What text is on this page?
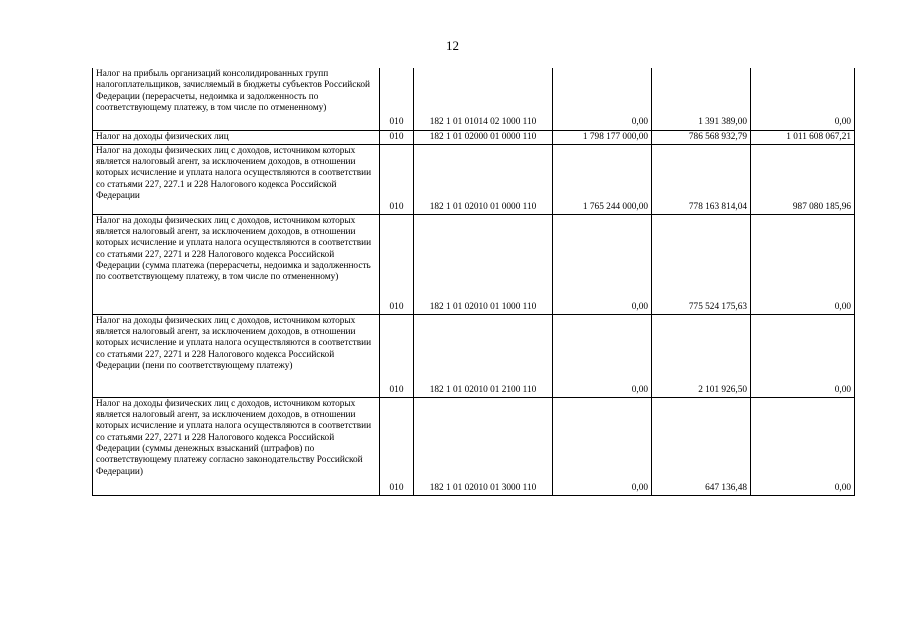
12
Налог на прибыль организаций консолидированных групп налогоплательщиков, зачисляемый в бюджеты субъектов Российской Федерации (перерасчеты, недоимка и задолженность по соответствующему платежу, в том числе по отмененному)	010	182 1 01 01014 02 1000 110	0,00	1 391 389,00	0,00
Налог на доходы физических лиц	010	182 1 01 02000 01 0000 110	1 798 177 000,00	786 568 932,79	1 011 608 067,21
Налог на доходы физических лиц с доходов, источником которых является налоговый агент, за исключением доходов, в отношении которых исчисление и уплата налога осуществляются в соответствии со статьями 227, 227.1 и 228 Налогового кодекса Российской Федерации	010	182 1 01 02010 01 0000 110	1 765 244 000,00	778 163 814,04	987 080 185,96
Налог на доходы физических лиц с доходов, источником которых является налоговый агент, за исключением доходов, в отношении которых исчисление и уплата налога осуществляются в соответствии со статьями 227, 2271 и 228 Налогового кодекса Российской Федерации (сумма платежа (перерасчеты, недоимка и задолженность по соответствующему платежу, в том числе по отмененному)	010	182 1 01 02010 01 1000 110	0,00	775 524 175,63	0,00
Налог на доходы физических лиц с доходов, источником которых является налоговый агент, за исключением доходов, в отношении которых исчисление и уплата налога осуществляются в соответствии со статьями 227, 2271 и 228 Налогового кодекса Российской Федерации (пени по соответствующему платежу)	010	182 1 01 02010 01 2100 110	0,00	2 101 926,50	0,00
Налог на доходы физических лиц с доходов, источником которых является налоговый агент, за исключением доходов, в отношении которых исчисление и уплата налога осуществляются в соответствии со статьями 227, 2271 и 228 Налогового кодекса Российской Федерации (суммы денежных взысканий (штрафов) по соответствующему платежу согласно законодательству Российской Федерации)	010	182 1 01 02010 01 3000 110	0,00	647 136,48	0,00
